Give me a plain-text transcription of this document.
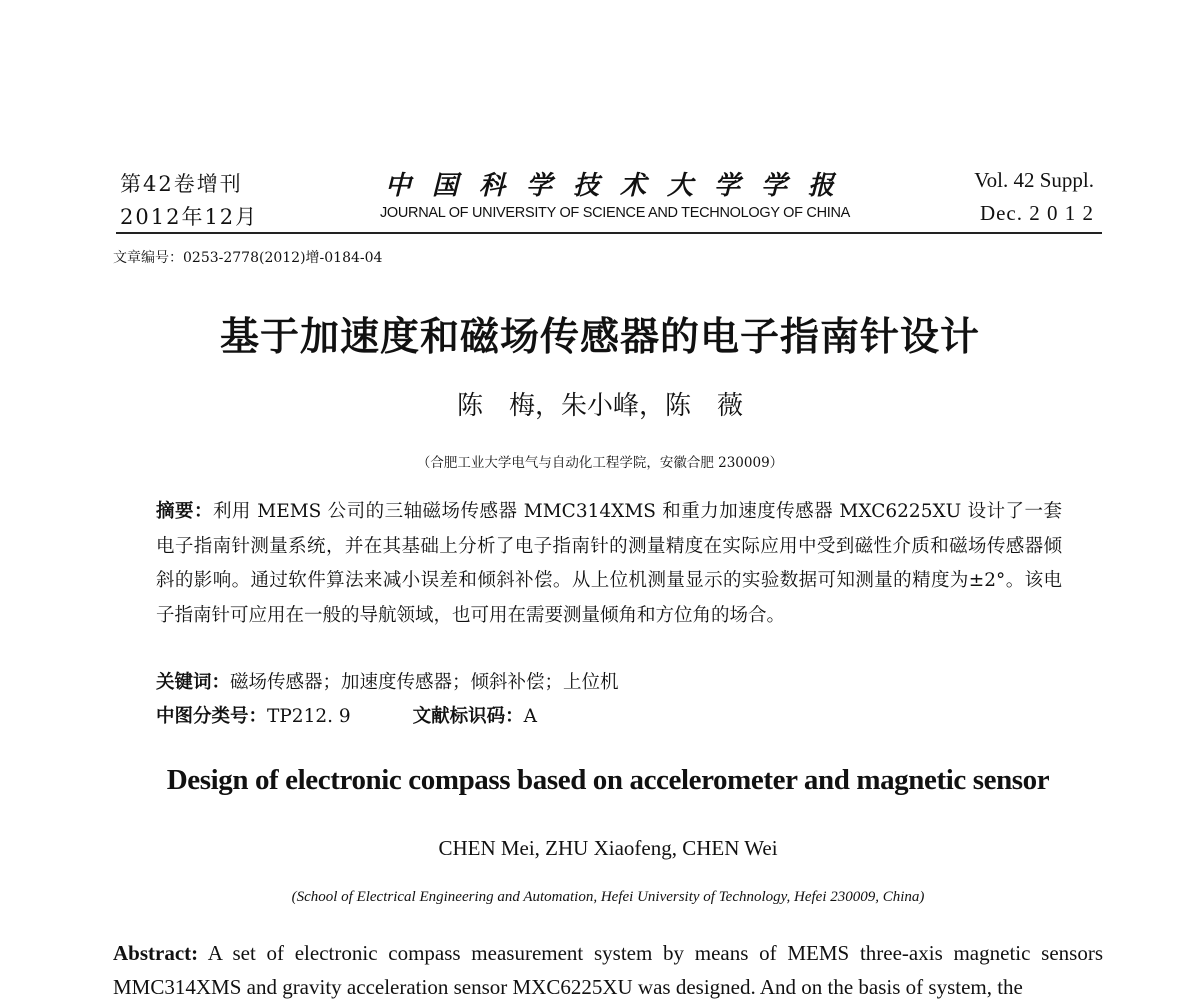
第42卷增刊
2012年12月
中国科学技术大学学报
JOURNAL OF UNIVERSITY OF SCIENCE AND TECHNOLOGY OF CHINA
Vol. 42 Suppl.
Dec. 2 0 1 2
文章编号：0253-2778(2012)增-0184-04
基于加速度和磁场传感器的电子指南针设计
陈　梅，朱小峰，陈　薇
（合肥工业大学电气与自动化工程学院，安徽合肥 230009）
摘要：利用 MEMS 公司的三轴磁场传感器 MMC314XMS 和重力加速度传感器 MXC6225XU 设计了一套电子指南针测量系统，并在其基础上分析了电子指南针的测量精度在实际应用中受到磁性介质和磁场传感器倾斜的影响。通过软件算法来减小误差和倾斜补偿。从上位机测量显示的实验数据可知测量的精度为±2°。该电子指南针可应用在一般的导航领域，也可用在需要测量倾角和方位角的场合。
关键词：磁场传感器；加速度传感器；倾斜补偿；上位机
中图分类号：TP212. 9	文献标识码：A
Design of electronic compass based on accelerometer and magnetic sensor
CHEN Mei, ZHU Xiaofeng, CHEN Wei
(School of Electrical Engineering and Automation, Hefei University of Technology, Hefei 230009, China)
Abstract: A set of electronic compass measurement system by means of MEMS three-axis magnetic sensors MMC314XMS and gravity acceleration sensor MXC6225XU was designed. And on the basis of system, the
